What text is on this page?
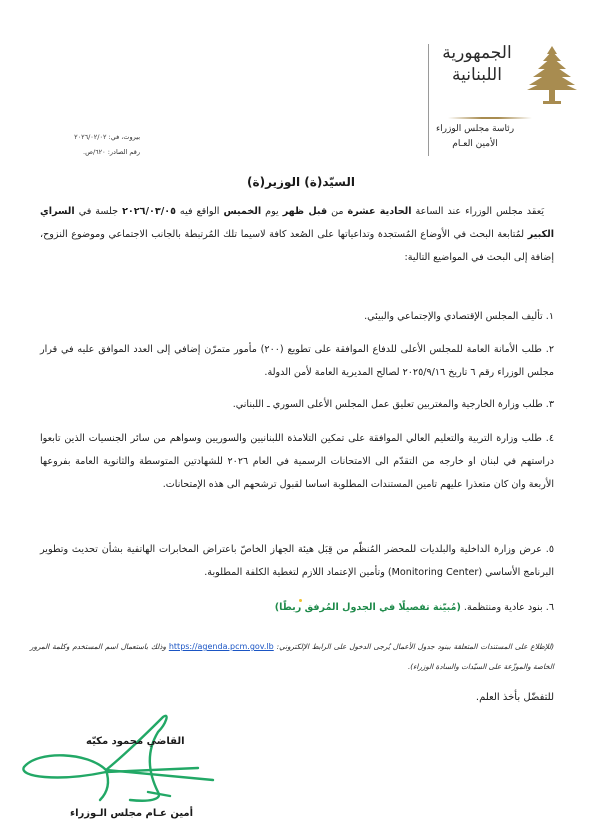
الجمهورية
اللبنانية
رئاسة مجلس الوزراء
الأمين العـام
بيروت، في: ٢٠٢٦/٠٢/٠٢
رقم الصادر: ٦٢٠/ص.
السيّد(ة) الوزير(ة)
يَعقد مجلس الوزراء عند الساعة الحادية عشرة من قبل ظهر يوم الخميس الواقع فيه ٢٠٢٦/٠٣/٠٥ جلسة في السراي الكبير لمُتابعة البحث في الأوضاع المُستجدة وتداعياتها على الصُعد كافة لاسيما تلك المُرتبطة بالجانب الاجتماعي وموضوع النزوح، إضافة إلى البحث في المواضيع التالية:
١. تأليف المجلس الإقتصادي والإجتماعي والبيئي.
٢. طلب الأمانة العامة للمجلس الأعلى للدفاع الموافقة على تطويع (٢٠٠) مأمور متمرّن إضافي إلى العدد الموافق عليه في قرار مجلس الوزراء رقم ٦ تاريخ ٢٠٢٥/٩/١٦ لصالح المديرية العامة لأمن الدولة.
٣. طلب وزارة الخارجية والمغتربين تعليق عمل المجلس الأعلى السوري ـ اللبناني.
٤. طلب وزارة التربية والتعليم العالي الموافقة على تمكين التلامذة اللبنانيين والسوريين وسواهم من سائر الجنسيات الذين تابعوا دراستهم في لبنان او خارجه من التقدّم الى الامتحانات الرسمية في العام ٢٠٢٦ للشهادتين المتوسطة والثانوية العامة بفروعها الأربعة وان كان متعذرا عليهم تامين المستندات المطلوبة اساسا لقبول ترشحهم الى هذه الإمتحانات.
٥. عرض وزارة الداخلية والبلديات للمحضر المُنظّم من قِبَل هيئة الجهاز الخاصّ باعتراض المخابرات الهاتفية بشأن تحديث وتطوير البرنامج الأساسي (Monitoring Center) وتأمين الإعتماد اللازم لتغطية الكلفة المطلوبة.
٦. بنود عادية ومنتظمة. (مُبيّنة تفصيلًا في الجدول المُرفق ربطًا)
(للإطلاع على المستندات المتعلقة ببنود جدول الأعمال يُرجى الدخول على الرابط الإلكتروني: https://agenda.pcm.gov.lb وذلك باستعمال اسم المستخدم وكلمة المرور الخاصة والموزّعة على السيّدات والسادة الوزراء).
للتفضّل بأخذ العلم.
القاضي محمود مكيّه
أمين عـام مجلس الـوزراء
